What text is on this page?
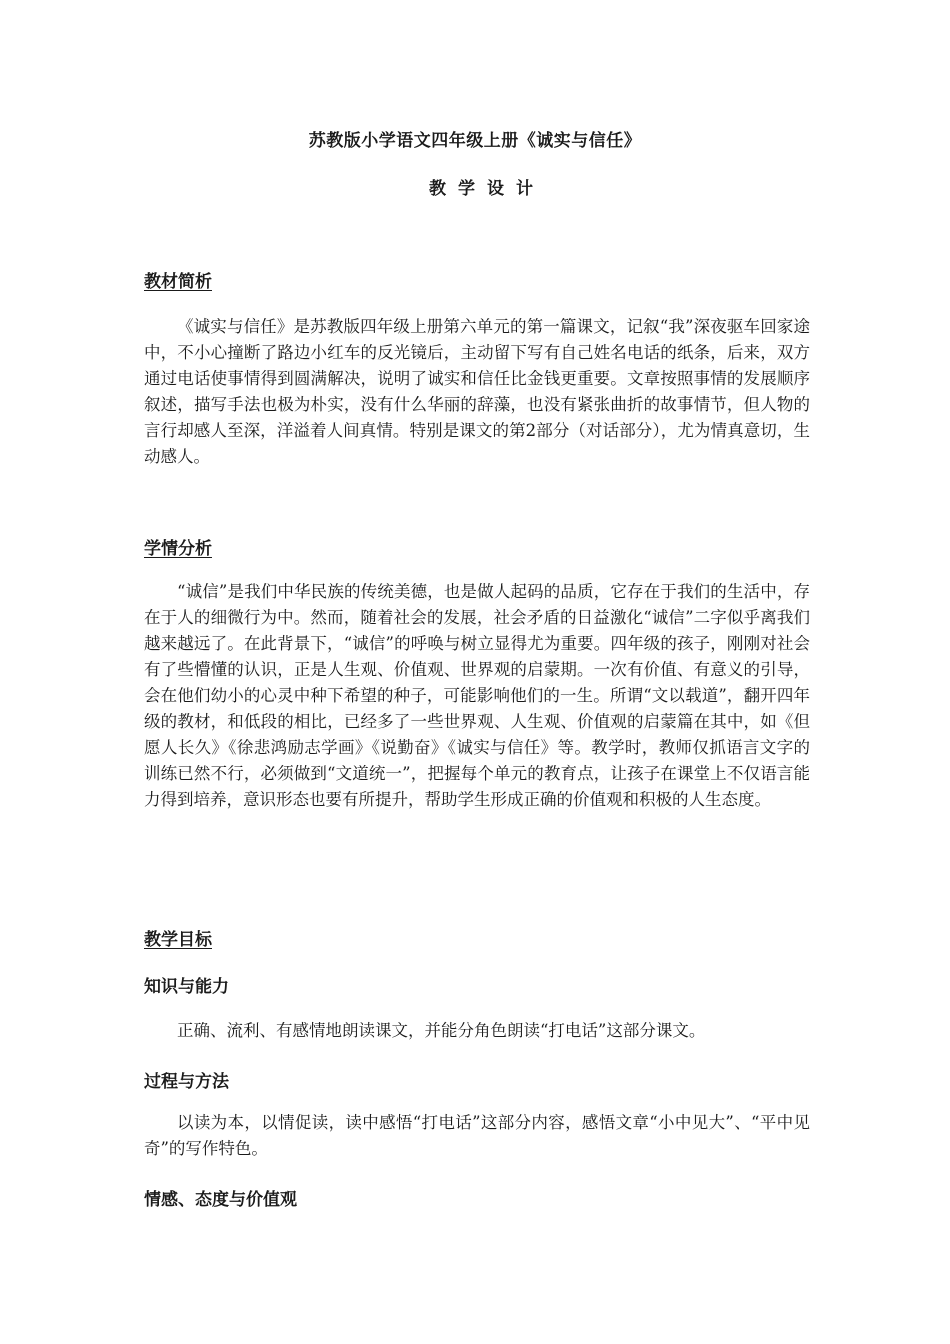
苏教版小学语文四年级上册《诚实与信任》
教学设计
教材简析

《诚实与信任》是苏教版四年级上册第六单元的第一篇课文，记叙“我”深夜驱车回家途中，不小心撞断了路边小红车的反光镜后，主动留下写有自己姓名电话的纸条，后来，双方通过电话使事情得到圆满解决，说明了诚实和信任比金钱更重要。文章按照事情的发展顺序叙述，描写手法也极为朴实，没有什么华丽的辞藻，也没有紧张曲折的故事情节，但人物的言行却感人至深，洋溢着人间真情。特别是课文的第2部分（对话部分），尤为情真意切，生动感人。

学情分析

“诚信”是我们中华民族的传统美德，也是做人起码的品质，它存在于我们的生活中，存在于人的细微行为中。然而，随着社会的发展，社会矛盾的日益激化“诚信”二字似乎离我们越来越远了。在此背景下，“诚信”的呼唤与树立显得尤为重要。四年级的孩子，刚刚对社会有了些懵懂的认识，正是人生观、价值观、世界观的启蒙期。一次有价值、有意义的引导，会在他们幼小的心灵中种下希望的种子，可能影响他们的一生。所谓“文以载道”，翻开四年级的教材，和低段的相比，已经多了一些世界观、人生观、价值观的启蒙篇在其中，如《但愿人长久》《徐悲鸿励志学画》《说勤奋》《诚实与信任》等。教学时，教师仅抓语言文字的训练已然不行，必须做到“文道统一”，把握每个单元的教育点，让孩子在课堂上不仅语言能力得到培养，意识形态也要有所提升，帮助学生形成正确的价值观和积极的人生态度。

教学目标
知识与能力

正确、流利、有感情地朗读课文，并能分角色朗读“打电话”这部分课文。

过程与方法

以读为本，以情促读，读中感悟“打电话”这部分内容，感悟文章“小中见大”、“平中见奇”的写作特色。

情感、态度与价值观
